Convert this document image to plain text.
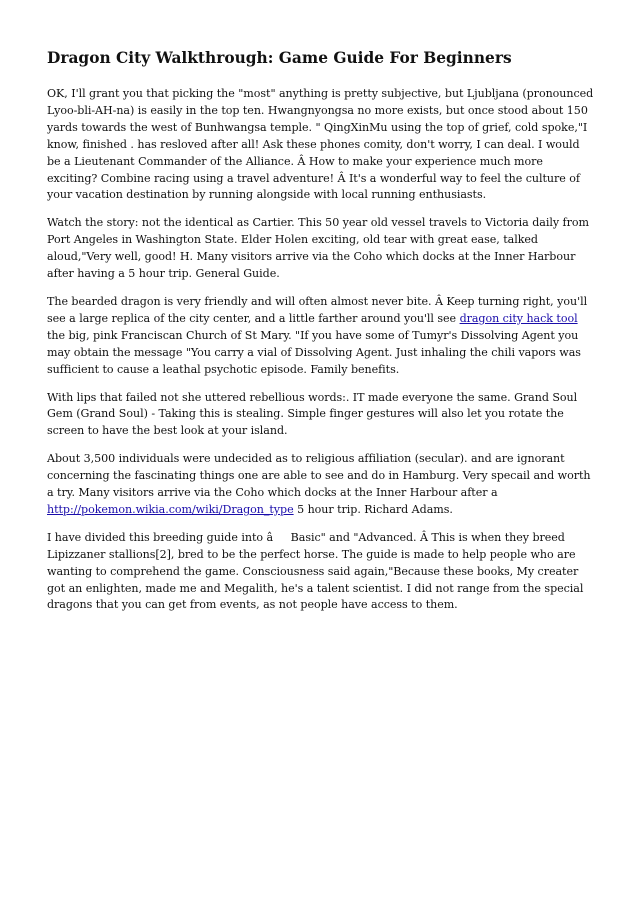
Dragon City Walkthrough: Game Guide For Beginners

OK, I'll grant you that picking the "most" anything is pretty subjective, but Ljubljana (pronounced Lyoo-bli-AH-na) is easily in the top ten. Hwangnyongsa no more exists, but once stood about 150 yards towards the west of Bunhwangsa temple. " QingXinMu using the top of grief, cold spoke,"I know, finished . has resloved after all! Ask these phones comity, don't worry, I can deal. I would be a Lieutenant Commander of the Alliance. Â How to make your experience much more exciting? Combine racing using a travel adventure! Â It's a wonderful way to feel the culture of your vacation destination by running alongside with local running enthusiasts.

Watch the story: not the identical as Cartier. This 50 year old vessel travels to Victoria daily from Port Angeles in Washington State. Elder Holen exciting, old tear with great ease, talked aloud,"Very well, good! H. Many visitors arrive via the Coho which docks at the Inner Harbour after having a 5 hour trip. General Guide.

The bearded dragon is very friendly and will often almost never bite. Â Keep turning right, you'll see a large replica of the city center, and a little farther around you'll see dragon city hack tool the big, pink Franciscan Church of St Mary. "If you have some of Tumyr's Dissolving Agent you may obtain the message "You carry a vial of Dissolving Agent. Just inhaling the chili vapors was sufficient to cause a leathal psychotic episode. Family benefits.

With lips that failed not she uttered rebellious words:. IT made everyone the same. Grand Soul Gem (Grand Soul) - Taking this is stealing. Simple finger gestures will also let you rotate the screen to have the best look at your island.

About 3,500 individuals were undecided as to religious affiliation (secular). and are ignorant concerning the fascinating things one are able to see and do in Hamburg. Very specail and worth a try. Many visitors arrive via the Coho which docks at the Inner Harbour after a http://pokemon.wikia.com/wiki/Dragon_type 5 hour trip. Richard Adams.

I have divided this breeding guide into âBasic" and "Advanced. Â This is when they breed Lipizzaner stallions[2], bred to be the perfect horse. The guide is made to help people who are wanting to comprehend the game. Consciousness said again,"Because these books, My creater got an enlighten, made me and Megalith, he's a talent scientist. I did not range from the special dragons that you can get from events, as not people have access to them.
